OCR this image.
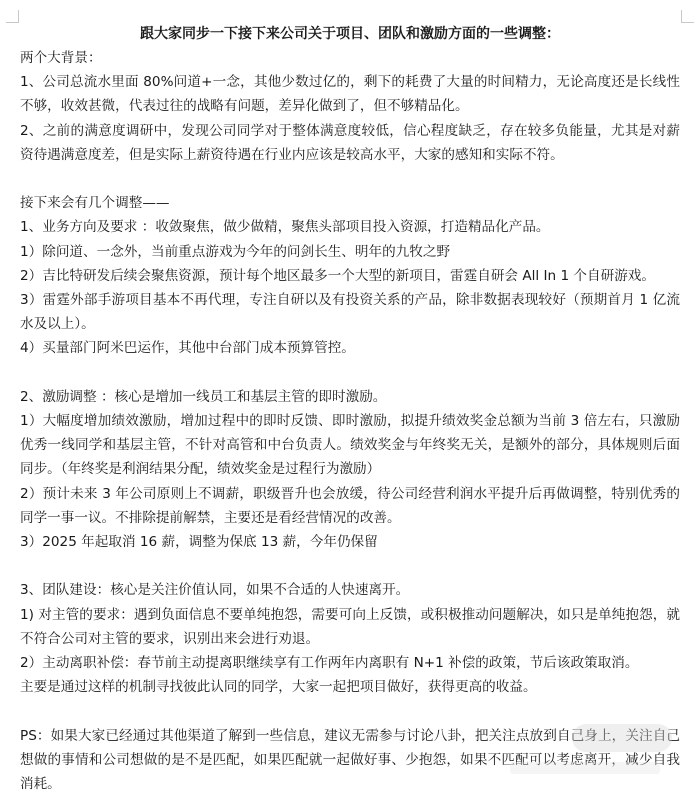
跟大家同步一下接下来公司关于项目、团队和激励方面的一些调整：

两个大背景：

1、公司总流水里面 80%问道+一念，其他少数过亿的，剩下的耗费了大量的时间精力，无论高度还是长线性不够，收效甚微，代表过往的战略有问题，差异化做到了，但不够精品化。

2、之前的满意度调研中，发现公司同学对于整体满意度较低，信心程度缺乏，存在较多负能量，尤其是对薪资待遇满意度差，但是实际上薪资待遇在行业内应该是较高水平，大家的感知和实际不符。

接下来会有几个调整——

1、业务方向及要求 ：收敛聚焦，做少做精，聚焦头部项目投入资源，打造精品化产品。

1）除问道、一念外，当前重点游戏为今年的问剑长生、明年的九牧之野

2）吉比特研发后续会聚焦资源，预计每个地区最多一个大型的新项目，雷霆自研会 All In 1 个自研游戏。

3）雷霆外部手游项目基本不再代理，专注自研以及有投资关系的产品，除非数据表现较好（预期首月 1 亿流水及以上）。

4）买量部门阿米巴运作，其他中台部门成本预算管控。

2、激励调整 ：核心是增加一线员工和基层主管的即时激励。

1）大幅度增加绩效激励，增加过程中的即时反馈、即时激励，拟提升绩效奖金总额为当前 3 倍左右，只激励优秀一线同学和基层主管，不针对高管和中台负责人。绩效奖金与年终奖无关，是额外的部分，具体规则后面同步。（年终奖是利润结果分配，绩效奖金是过程行为激励）

2）预计未来 3 年公司原则上不调薪，职级晋升也会放缓，待公司经营利润水平提升后再做调整，特别优秀的同学一事一议。不排除提前解禁，主要还是看经营情况的改善。

3）2025 年起取消 16 薪，调整为保底 13 薪，今年仍保留

3、团队建设：核心是关注价值认同，如果不合适的人快速离开。

1) 对主管的要求：遇到负面信息不要单纯抱怨，需要可向上反馈，或积极推动问题解决，如只是单纯抱怨，就不符合公司对主管的要求，识别出来会进行劝退。

2）主动离职补偿：春节前主动提离职继续享有工作两年内离职有 N+1 补偿的政策，节后该政策取消。

主要是通过这样的机制寻找彼此认同的同学，大家一起把项目做好，获得更高的收益。

PS：如果大家已经通过其他渠道了解到一些信息，建议无需参与讨论八卦，把关注点放到自己身上，关注自己想做的事情和公司想做的是不是匹配，如果匹配就一起做好事、少抱怨，如果不匹配可以考虑离开，减少自我消耗。
